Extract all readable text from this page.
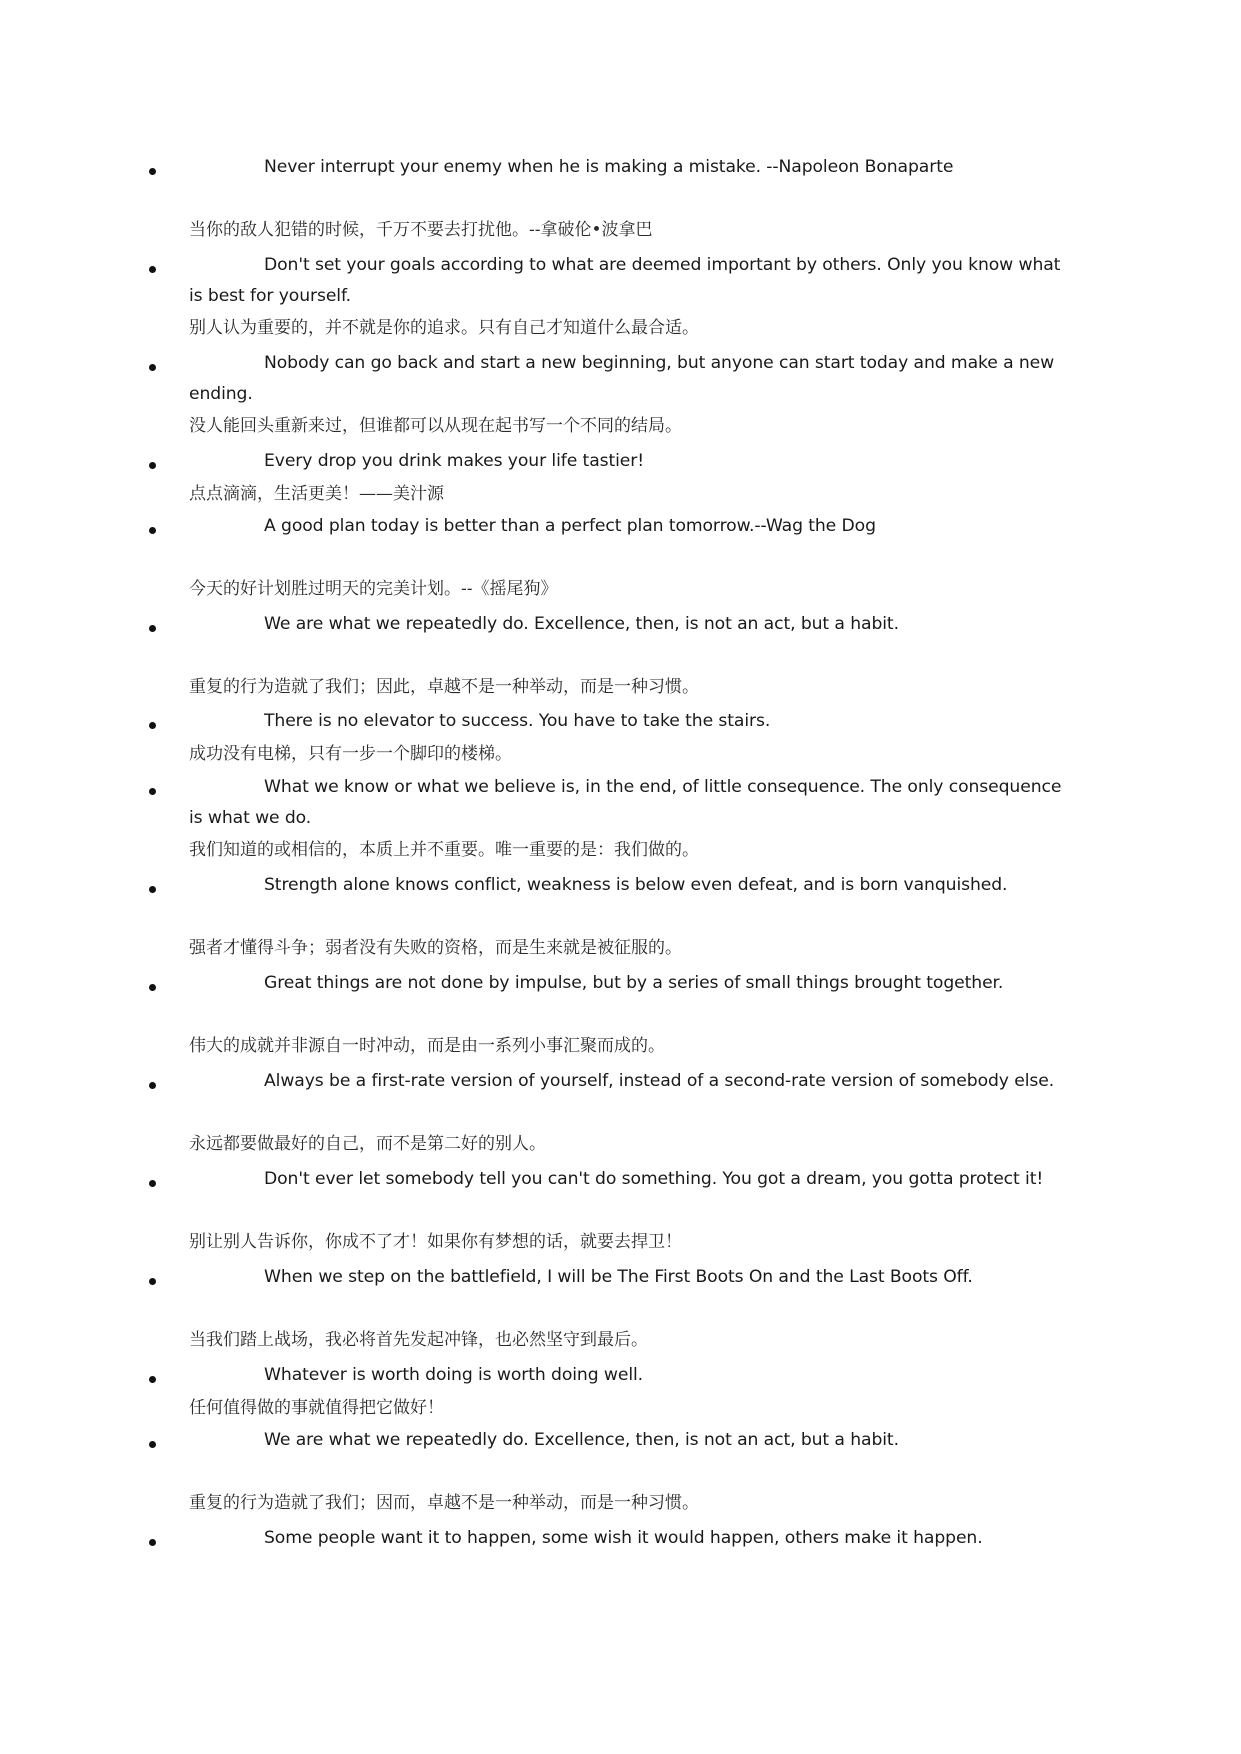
Never interrupt your enemy when he is making a mistake. --Napoleon Bonaparte

当你的敌人犯错的时候，千万不要去打扰他。--拿破伦•波拿巴

Don't set your goals according to what are deemed important by others. Only you know what is best for yourself.

别人认为重要的，并不就是你的追求。只有自己才知道什么最合适。

Nobody can go back and start a new beginning, but anyone can start today and make a new ending.

没人能回头重新来过，但谁都可以从现在起书写一个不同的结局。

Every drop you drink makes your life tastier!

点点滴滴，生活更美！——美汁源

A good plan today is better than a perfect plan tomorrow.--Wag the Dog

今天的好计划胜过明天的完美计划。--《摇尾狗》

We are what we repeatedly do. Excellence, then, is not an act, but a habit.

重复的行为造就了我们；因此，卓越不是一种举动，而是一种习惯。

There is no elevator to success. You have to take the stairs.

成功没有电梯，只有一步一个脚印的楼梯。

What we know or what we believe is, in the end, of little consequence. The only consequence is what we do.

我们知道的或相信的，本质上并不重要。唯一重要的是：我们做的。

Strength alone knows conflict, weakness is below even defeat, and is born vanquished.

强者才懂得斗争；弱者没有失败的资格，而是生来就是被征服的。

Great things are not done by impulse, but by a series of small things brought together.

伟大的成就并非源自一时冲动，而是由一系列小事汇聚而成的。

Always be a first-rate version of yourself, instead of a second-rate version of somebody else.

永远都要做最好的自己，而不是第二好的别人。

Don't ever let somebody tell you can't do something. You got a dream, you gotta protect it!

别让别人告诉你，你成不了才！如果你有梦想的话，就要去捍卫！

When we step on the battlefield, I will be The First Boots On and the Last Boots Off.

当我们踏上战场，我必将首先发起冲锋，也必然坚守到最后。

Whatever is worth doing is worth doing well.

任何值得做的事就值得把它做好！

We are what we repeatedly do. Excellence, then, is not an act, but a habit.

重复的行为造就了我们；因而，卓越不是一种举动，而是一种习惯。

Some people want it to happen, some wish it would happen, others make it happen.
